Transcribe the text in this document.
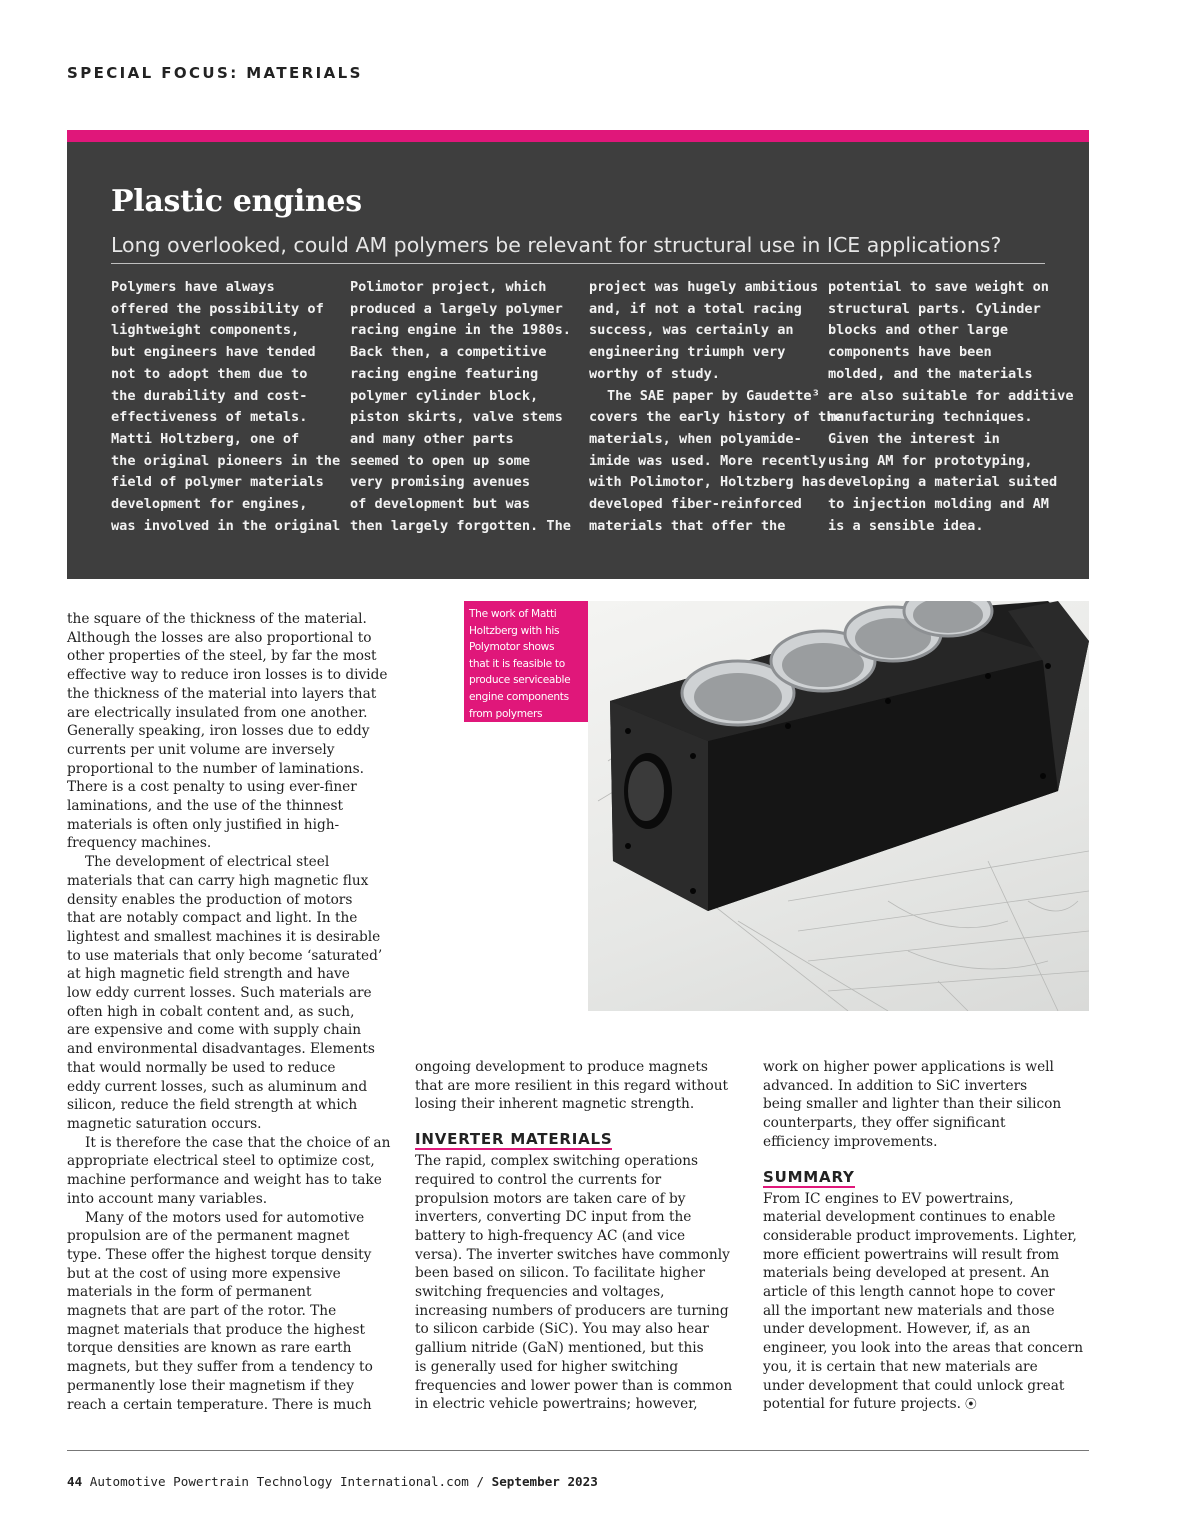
SPECIAL FOCUS: MATERIALS
Plastic engines
Long overlooked, could AM polymers be relevant for structural use in ICE applications?

Polymers have always

offered the possibility of

lightweight components,

but engineers have tended

not to adopt them due to

the durability and cost-

effectiveness of metals.

Matti Holtzberg, one of

the original pioneers in the

field of polymer materials

development for engines,

was involved in the original

Polimotor project, which

produced a largely polymer

racing engine in the 1980s.

Back then, a competitive

racing engine featuring

polymer cylinder block,

piston skirts, valve stems

and many other parts

seemed to open up some

very promising avenues

of development but was

then largely forgotten. The

project was hugely ambitious

and, if not a total racing

success, was certainly an

engineering triumph very

worthy of study.

The SAE paper by Gaudette³

covers the early history of the

materials, when polyamide-

imide was used. More recently

with Polimotor, Holtzberg has

developed fiber-reinforced

materials that offer the

potential to save weight on

structural parts. Cylinder

blocks and other large

components have been

molded, and the materials

are also suitable for additive

manufacturing techniques.

Given the interest in

using AM for prototyping,

developing a material suited

to injection molding and AM

is a sensible idea.

The work of Matti

Holtzberg with his

Polymotor shows

that it is feasible to

produce serviceable

engine components

from polymers

the square of the thickness of the material.

Although the losses are also proportional to

other properties of the steel, by far the most

effective way to reduce iron losses is to divide

the thickness of the material into layers that

are electrically insulated from one another.

Generally speaking, iron losses due to eddy

currents per unit volume are inversely

proportional to the number of laminations.

There is a cost penalty to using ever-finer

laminations, and the use of the thinnest

materials is often only justified in high-

frequency machines.

The development of electrical steel

materials that can carry high magnetic flux

density enables the production of motors

that are notably compact and light. In the

lightest and smallest machines it is desirable

to use materials that only become ‘saturated’

at high magnetic field strength and have

low eddy current losses. Such materials are

often high in cobalt content and, as such,

are expensive and come with supply chain

and environmental disadvantages. Elements

that would normally be used to reduce

eddy current losses, such as aluminum and

silicon, reduce the field strength at which

magnetic saturation occurs.

It is therefore the case that the choice of an

appropriate electrical steel to optimize cost,

machine performance and weight has to take

into account many variables.

Many of the motors used for automotive

propulsion are of the permanent magnet

type. These offer the highest torque density

but at the cost of using more expensive

materials in the form of permanent

magnets that are part of the rotor. The

magnet materials that produce the highest

torque densities are known as rare earth

magnets, but they suffer from a tendency to

permanently lose their magnetism if they

reach a certain temperature. There is much

ongoing development to produce magnets

that are more resilient in this regard without

losing their inherent magnetic strength.

INVERTER MATERIALS

The rapid, complex switching operations

required to control the currents for

propulsion motors are taken care of by

inverters, converting DC input from the

battery to high-frequency AC (and vice

versa). The inverter switches have commonly

been based on silicon. To facilitate higher

switching frequencies and voltages,

increasing numbers of producers are turning

to silicon carbide (SiC). You may also hear

gallium nitride (GaN) mentioned, but this

is generally used for higher switching

frequencies and lower power than is common

in electric vehicle powertrains; however,

work on higher power applications is well

advanced. In addition to SiC inverters

being smaller and lighter than their silicon

counterparts, they offer significant

efficiency improvements.

SUMMARY

From IC engines to EV powertrains,

material development continues to enable

considerable product improvements. Lighter,

more efficient powertrains will result from

materials being developed at present. An

article of this length cannot hope to cover

all the important new materials and those

under development. However, if, as an

engineer, you look into the areas that concern

you, it is certain that new materials are

under development that could unlock great

potential for future projects. ⦿

44 Automotive Powertrain Technology International.com / September 2023
